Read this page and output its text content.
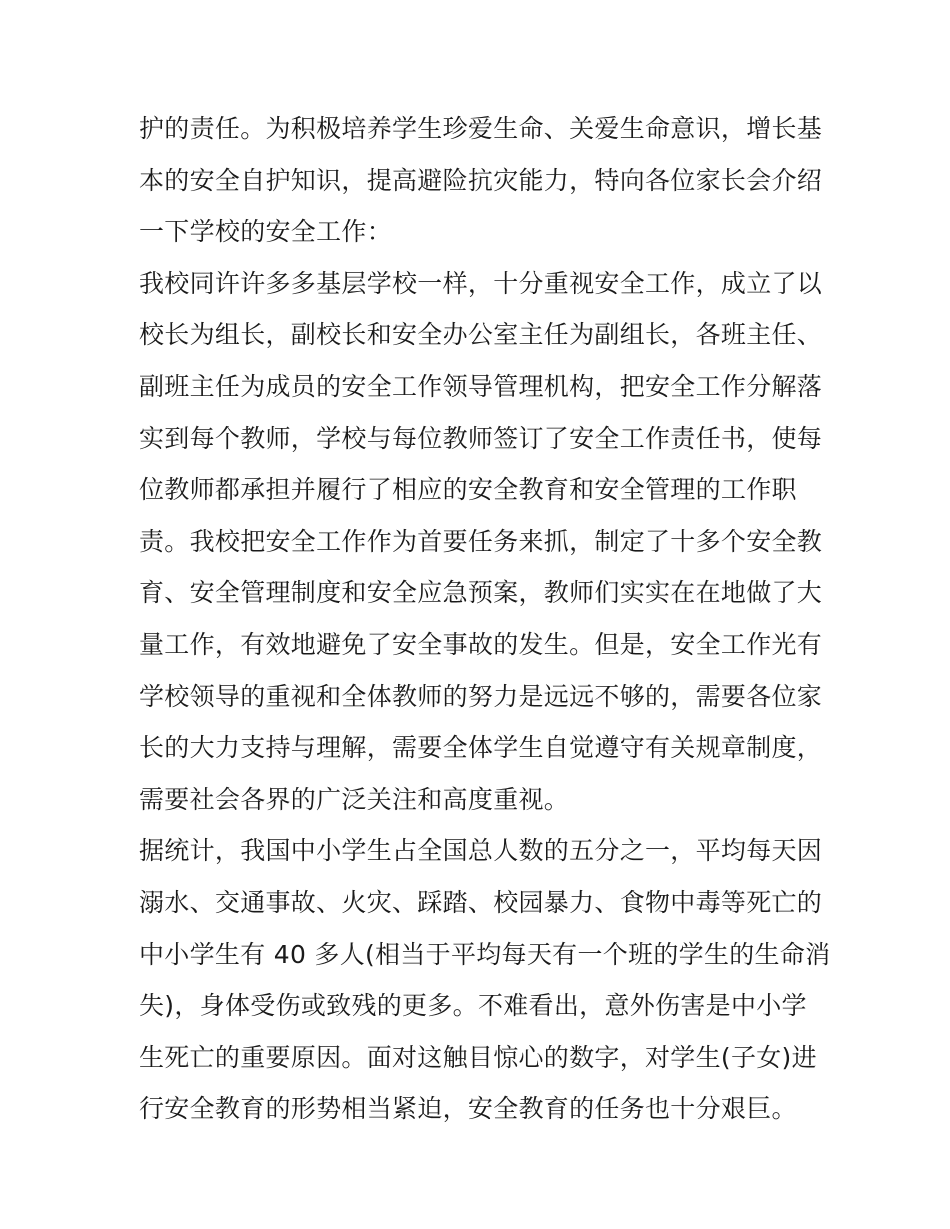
护的责任。为积极培养学生珍爱生命、关爱生命意识，增长基
本的安全自护知识，提高避险抗灾能力，特向各位家长会介绍
一下学校的安全工作：
我校同许许多多基层学校一样，十分重视安全工作，成立了以
校长为组长，副校长和安全办公室主任为副组长，各班主任、
副班主任为成员的安全工作领导管理机构，把安全工作分解落
实到每个教师，学校与每位教师签订了安全工作责任书，使每
位教师都承担并履行了相应的安全教育和安全管理的工作职
责。我校把安全工作作为首要任务来抓，制定了十多个安全教
育、安全管理制度和安全应急预案，教师们实实在在地做了大
量工作，有效地避免了安全事故的发生。但是，安全工作光有
学校领导的重视和全体教师的努力是远远不够的，需要各位家
长的大力支持与理解，需要全体学生自觉遵守有关规章制度，
需要社会各界的广泛关注和高度重视。
据统计，我国中小学生占全国总人数的五分之一，平均每天因
溺水、交通事故、火灾、踩踏、校园暴力、食物中毒等死亡的
中小学生有 40 多人(相当于平均每天有一个班的学生的生命消
失)，身体受伤或致残的更多。不难看出，意外伤害是中小学
生死亡的重要原因。面对这触目惊心的数字，对学生(子女)进
行安全教育的形势相当紧迫，安全教育的任务也十分艰巨。
